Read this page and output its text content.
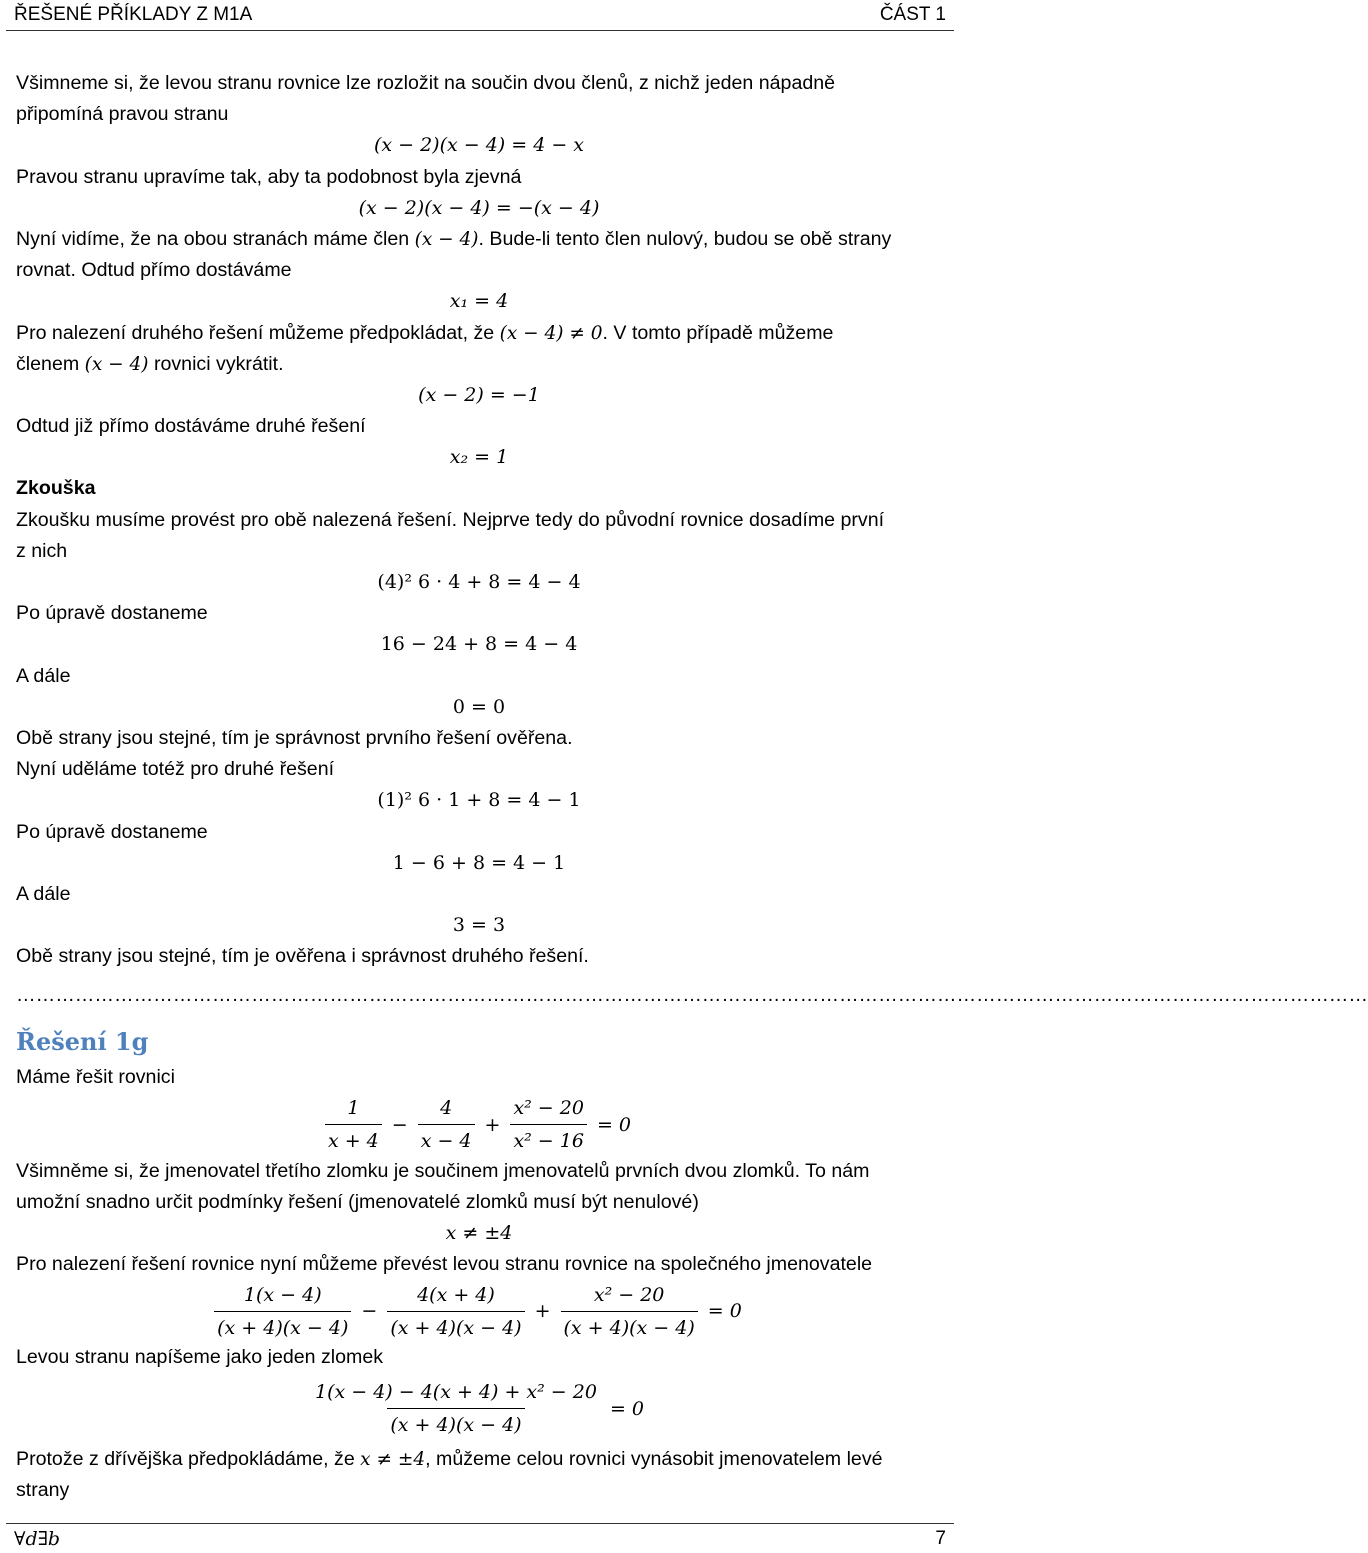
ŘEŠENÉ PŘÍKLADY Z M1A	ČÁST 1
Všimneme si, že levou stranu rovnice lze rozložit na součin dvou členů, z nichž jeden nápadně
připomíná pravou stranu
(x − 2)(x − 4) = 4 − x
Pravou stranu upravíme tak, aby ta podobnost byla zjevná
(x − 2)(x − 4) = −(x − 4)
Nyní vidíme, že na obou stranách máme člen (x − 4). Bude-li tento člen nulový, budou se obě strany
rovnat. Odtud přímo dostáváme
x₁ = 4
Pro nalezení druhého řešení můžeme předpokládat, že (x − 4) ≠ 0. V tomto případě můžeme
členem (x − 4) rovnici vykrátit.
(x − 2) = −1
Odtud již přímo dostáváme druhé řešení
x₂ = 1
Zkouška
Zkoušku musíme provést pro obě nalezená řešení. Nejprve tedy do původní rovnice dosadíme první
z nich
(4)² 6 · 4 + 8 = 4 − 4
Po úpravě dostaneme
16 − 24 + 8 = 4 − 4
A dále
0 = 0
Obě strany jsou stejné, tím je správnost prvního řešení ověřena.
Nyní uděláme totéž pro druhé řešení
(1)² 6 · 1 + 8 = 4 − 1
Po úpravě dostaneme
1 − 6 + 8 = 4 − 1
A dále
3 = 3
Obě strany jsou stejné, tím je ověřena i správnost druhého řešení.
………………………………………………………………………………………………………………………………………………………………………………………
Řešení 1g
Máme řešit rovnici
$\frac{1}{x + 4} - \frac{4}{x - 4} + \frac{\text{x² − 20}}{\text{x² − 16}} = 0$
Všimněme si, že jmenovatel třetího zlomku je součinem jmenovatelů prvních dvou zlomků. To nám
umožní snadno určit podmínky řešení (jmenovatelé zlomků musí být nenulové)
x ≠ ±4
Pro nalezení řešení rovnice nyní můžeme převést levou stranu rovnice na společného jmenovatele
$\frac{1(x - 4)}{(x + 4)(x - 4)} - \frac{4(x + 4)}{(x + 4)(x - 4)} + \frac{\text{x² − 20}}{(x + 4)(x - 4)} = 0$
Levou stranu napíšeme jako jeden zlomek
$\frac{\text{1(x − 4) − 4(x + 4) + x² − 20}}{(x + 4)(x - 4)} = 0$
Protože z dřívějška předpokládáme, že x ≠ ±4, můžeme celou rovnici vynásobit jmenovatelem levé
strany
∀d∃b	7
